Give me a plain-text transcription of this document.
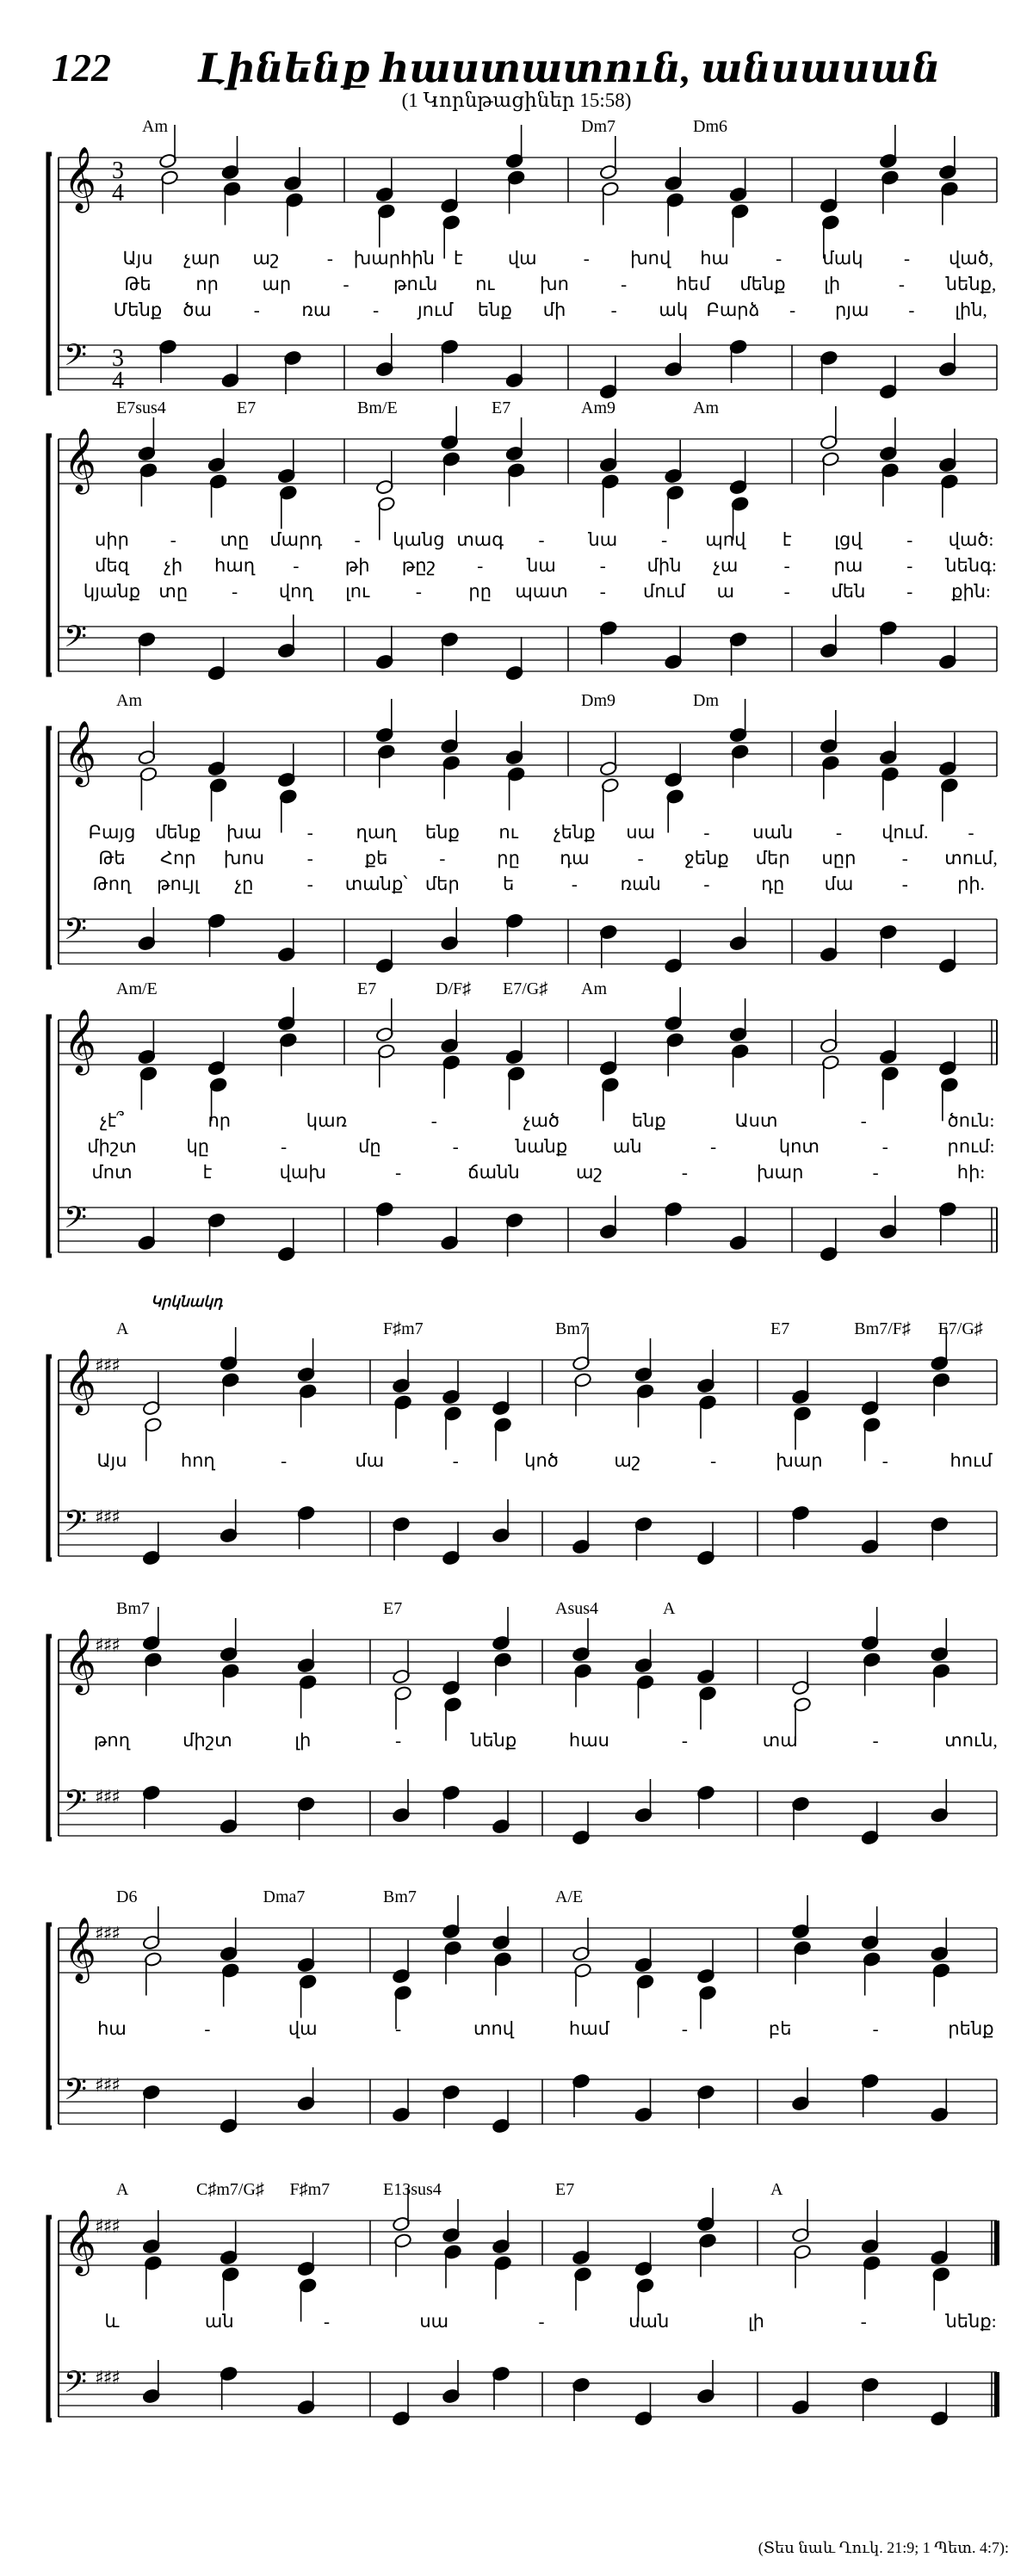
122 Լինենք հաստատուն, անսասան
(1 Կորնթացիներ 15:58)
𝄞
𝄢
3
4
3
4
Am	Dm7	Dm6
Այս չար աշ	- խարհին է վա	- խով հա	- մակ - ված,
Թե որ ար	- թուն ու	խո	-	հեմ մենք լի	- նենք,
Մենք ծա - ռա - յում ենք մի - ակ Բարձ - րյա - լին,
𝄞
𝄢
E7sus4	E7	Bm/E	E7	Am9	Am
սիր - տը մարդ - կանց տագ - նա - պով է լցվ - ված:
մեզ չի հաղ -	թի թըշ - նա - մին չա	- րա - նենգ:
կյանք տը - վող լու	-	րը պատ - մում ա	- մեն - քին:
𝄞
𝄢
Am	Dm9	Dm
Բայց մենք խա	- ղաղ ենք ու չենք սա	- սան - վում. -
Թե Հոր խոս -	քե	-	րը դա	- ջենք մեր սըր	- տում,
Թող թույլ չը	- տանք՝ մեր ե	- ռան -	դը մա	-	րի.
𝄞
𝄢
Am/E	E7	D/F♯ E7/G♯ Am
չէ՞	որ	կառ	-	չած	ենք	Աստ	-	ծուն:
միշտ	կը	-	մը	-	նանք	ան	-	կոտ	-	րում:
մոտ	է	վախ	-	ճանն	աշ	-	խար	-	հի:
𝄞
♯♯♯
𝄢 ♯♯♯
Կրկնակդ
A	F♯m7	Bm7	E7	Bm7/F♯ E7/G♯
Այս	հող	-	մա	-	կոծ	աշ	-	խար	-	հում
𝄞
♯♯♯
𝄢 ♯♯♯
Bm7	E7	Asus4	A
թող	միշտ	լի	-	նենք	հաս	-	տա	-	տուն,
𝄞
♯♯♯
𝄢 ♯♯♯
D6	Dma7	Bm7	A/E
հա	-	վա	-	տով	համ	-	բե	-	րենք
𝄞
♯♯♯
𝄢 ♯♯♯
A	C♯m7/G♯ F♯m7	E13sus4	E7	A
և	ան	-	սա	-	սան	լի	-	նենք:
(Տես նաև Ղուկ. 21:9; 1 Պետ. 4:7):
